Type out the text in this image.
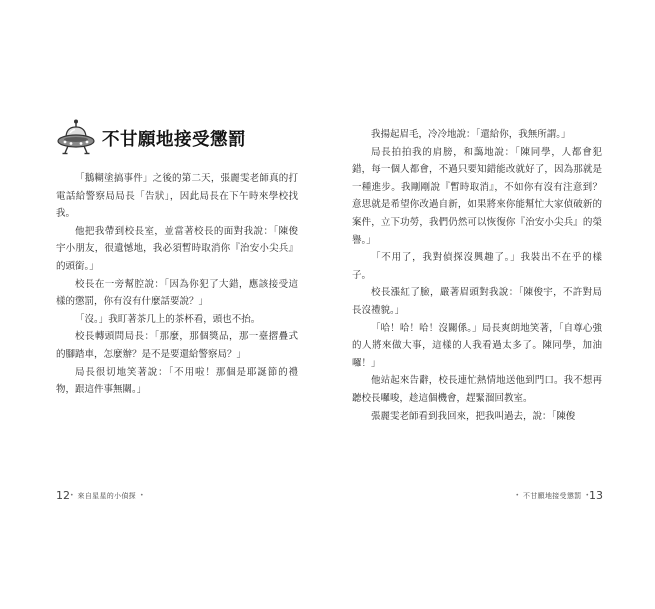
不甘願地接受懲罰

「鵝糊塗搞事件」之後的第二天，張麗雯老師真的打電話給警察局局長「告狀」，因此局長在下午時來學校找我。

他把我帶到校長室，並當著校長的面對我說：「陳俊宇小朋友，很遺憾地，我必須暫時取消你『治安小尖兵』的頭銜。」

校長在一旁幫腔說：「因為你犯了大錯，應該接受這樣的懲罰，你有沒有什麼話要說？」

「沒。」我盯著茶几上的茶杯看，頭也不抬。

校長轉頭問局長：「那麼，那個獎品，那一臺摺疊式的腳踏車，怎麼辦？是不是要還給警察局？」

局長很切地笑著說：「不用啦！那個是耶誕節的禮物，跟這件事無關。」

我揚起眉毛，冷冷地說：「還給你，我無所謂。」

局長拍拍我的肩膀，和藹地說：「陳同學，人都會犯錯，每一個人都會，不過只要知錯能改就好了，因為那就是一種進步。我剛剛說『暫時取消』，不如你有沒有注意到？意思就是希望你改過自新，如果將來你能幫忙大家偵破新的案件，立下功勞，我們仍然可以恢復你『治安小尖兵』的榮譽。」

「不用了，我對偵探沒興趣了。」我裝出不在乎的樣子。

校長漲紅了臉，嚴著眉頭對我說：「陳俊宇，不許對局長沒禮貌。」

「哈！哈！哈！沒關係。」局長爽朗地笑著，「自尊心強的人將來做大事，這樣的人我看過太多了。陳同學，加油囉！」

他站起來告辭，校長連忙熱情地送他到門口。我不想再聽校長囉唆，趁這個機會，趕緊溜回教室。

張麗雯老師看到我回來，把我叫過去，說：「陳俊

12 • 來自星星的小偵探 •	• 不甘願地接受懲罰 • 13
